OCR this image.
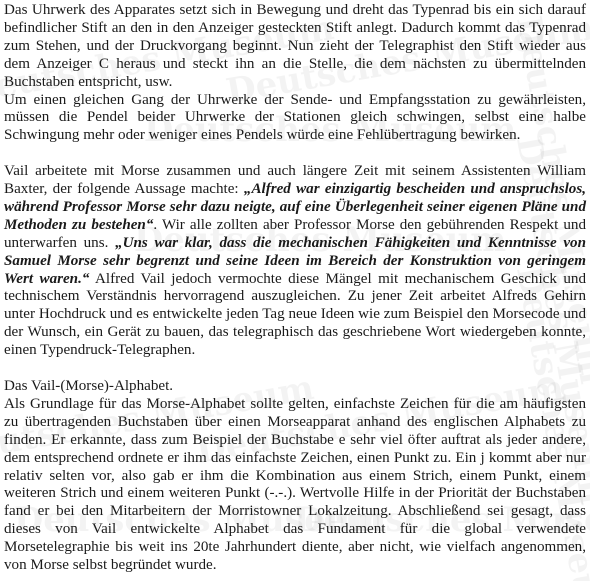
Das Uhrwerk des Apparates setzt sich in Bewegung und dreht das Typenrad bis ein sich darauf befindlicher Stift an den in den Anzeiger gesteckten Stift anlegt. Dadurch kommt das Typenrad zum Stehen, und der Druckvorgang beginnt. Nun zieht der Telegraphist den Stift wieder aus dem Anzeiger C heraus und steckt ihn an die Stelle, die dem nächsten zu übermittelnden Buchstaben entspricht, usw.

Um einen gleichen Gang der Uhrwerke der Sende- und Empfangsstation zu gewährleisten, müssen die Pendel beider Uhrwerke der Stationen gleich schwingen, selbst eine halbe Schwingung mehr oder weniger eines Pendels würde eine Fehlübertragung bewirken.

Vail arbeitete mit Morse zusammen und auch längere Zeit mit seinem Assistenten William Baxter, der folgende Aussage machte: „Alfred war einzigartig bescheiden und anspruchslos, während Professor Morse sehr dazu neigte, auf eine Überlegenheit seiner eigenen Pläne und Methoden zu bestehen“. Wir alle zollten aber Professor Morse den gebührenden Respekt und unterwarfen uns. „Uns war klar, dass die mechanischen Fähigkeiten und Kenntnisse von Samuel Morse sehr begrenzt und seine Ideen im Bereich der Konstruktion von geringem Wert waren.“ Alfred Vail jedoch vermochte diese Mängel mit mechanischem Geschick und technischem Verständnis hervorragend auszugleichen. Zu jener Zeit arbeitet Alfreds Gehirn unter Hochdruck und es entwickelte jeden Tag neue Ideen wie zum Beispiel den Morsecode und der Wunsch, ein Gerät zu bauen, das telegraphisch das geschriebene Wort wiedergeben konnte, einen Typendruck-Telegraphen.

Das Vail-(Morse)-Alphabet.

Als Grundlage für das Morse-Alphabet sollte gelten, einfachste Zeichen für die am häufigsten zu übertragenden Buchstaben über einen Morseapparat anhand des englischen Alphabets zu finden. Er erkannte, dass zum Beispiel der Buchstabe e sehr viel öfter auftrat als jeder andere, dem entsprechend ordnete er ihm das einfachste Zeichen, einen Punkt zu. Ein j kommt aber nur relativ selten vor, also gab er ihm die Kombination aus einem Strich, einem Punkt, einem weiteren Strich und einem weiteren Punkt (-.-.). Wertvolle Hilfe in der Priorität der Buchstaben fand er bei den Mitarbeitern der Morristowner Lokalzeitung. Abschließend sei gesagt, dass dieses von Vail entwickelte Alphabet das Fundament für die global verwendete Morsetelegraphie bis weit ins 20te Jahrhundert diente, aber nicht, wie vielfach angenommen, von Morse selbst begründet wurde.
